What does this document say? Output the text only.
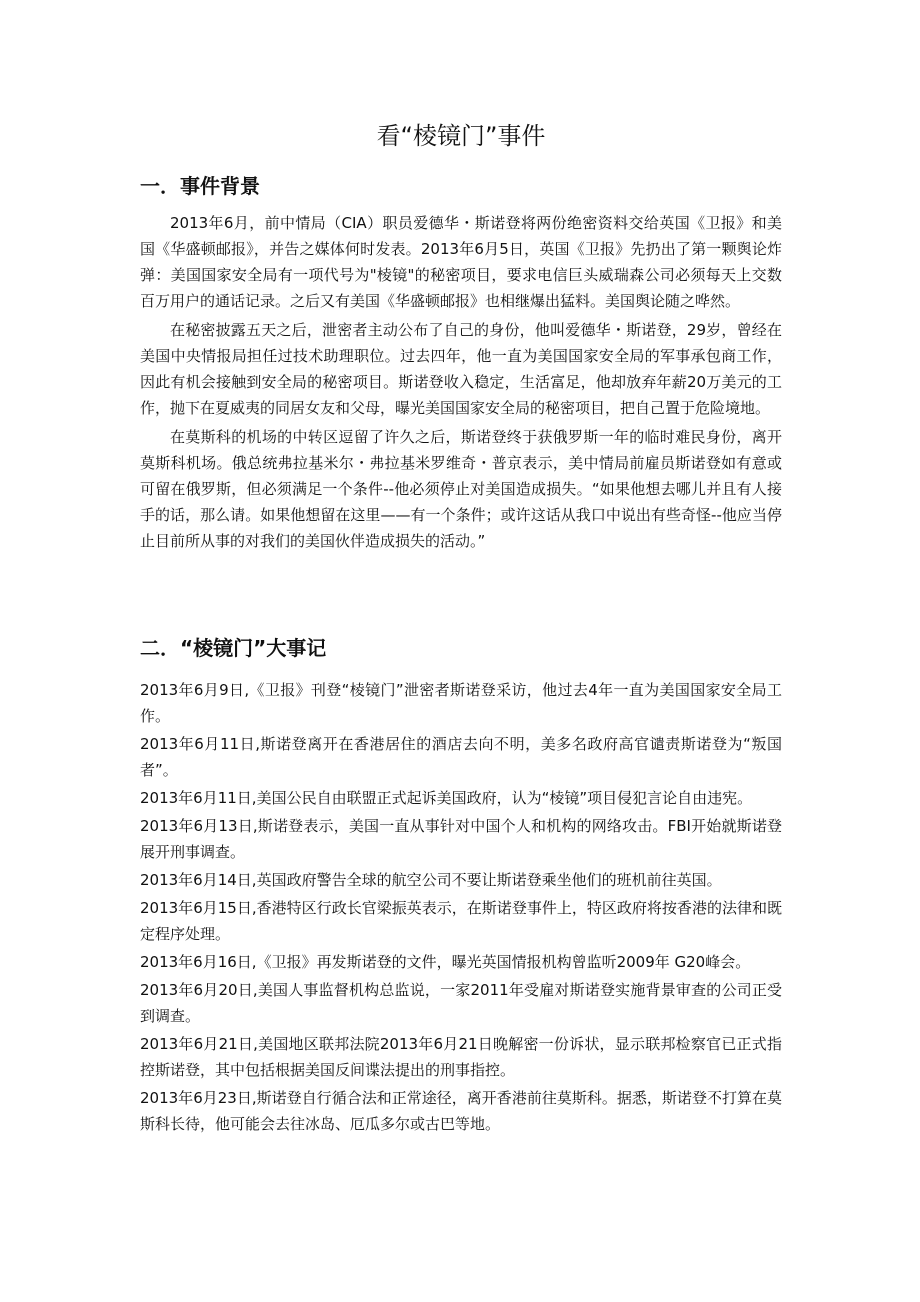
看“棱镜门”事件
一．事件背景

2013年6月，前中情局（CIA）职员爱德华・斯诺登将两份绝密资料交给英国《卫报》和美国《华盛顿邮报》，并告之媒体何时发表。2013年6月5日，英国《卫报》先扔出了第一颗舆论炸弹：美国国家安全局有一项代号为"棱镜"的秘密项目，要求电信巨头威瑞森公司必须每天上交数百万用户的通话记录。之后又有美国《华盛顿邮报》也相继爆出猛料。美国舆论随之哗然。

在秘密披露五天之后，泄密者主动公布了自己的身份，他叫爱德华・斯诺登，29岁，曾经在美国中央情报局担任过技术助理职位。过去四年，他一直为美国国家安全局的军事承包商工作，因此有机会接触到安全局的秘密项目。斯诺登收入稳定，生活富足，他却放弃年薪20万美元的工作，抛下在夏威夷的同居女友和父母，曝光美国国家安全局的秘密项目，把自己置于危险境地。

在莫斯科的机场的中转区逗留了许久之后，斯诺登终于获俄罗斯一年的临时难民身份，离开莫斯科机场。俄总统弗拉基米尔・弗拉基米罗维奇・普京表示，美中情局前雇员斯诺登如有意或可留在俄罗斯，但必须满足一个条件--他必须停止对美国造成损失。“如果他想去哪儿并且有人接手的话，那么请。如果他想留在这里——有一个条件；或许这话从我口中说出有些奇怪--他应当停止目前所从事的对我们的美国伙伴造成损失的活动。”

二．“棱镜门”大事记

2013年6月9日,《卫报》刊登“棱镜门”泄密者斯诺登采访，他过去4年一直为美国国家安全局工作。

2013年6月11日,斯诺登离开在香港居住的酒店去向不明，美多名政府高官谴责斯诺登为“叛国者”。

2013年6月11日,美国公民自由联盟正式起诉美国政府，认为“棱镜”项目侵犯言论自由违宪。

2013年6月13日,斯诺登表示，美国一直从事针对中国个人和机构的网络攻击。FBI开始就斯诺登展开刑事调查。

2013年6月14日,英国政府警告全球的航空公司不要让斯诺登乘坐他们的班机前往英国。

2013年6月15日,香港特区行政长官梁振英表示，在斯诺登事件上，特区政府将按香港的法律和既定程序处理。

2013年6月16日,《卫报》再发斯诺登的文件，曝光英国情报机构曾监听2009年 G20峰会。

2013年6月20日,美国人事监督机构总监说，一家2011年受雇对斯诺登实施背景审查的公司正受到调查。

2013年6月21日,美国地区联邦法院2013年6月21日晚解密一份诉状，显示联邦检察官已正式指控斯诺登，其中包括根据美国反间谍法提出的刑事指控。

2013年6月23日,斯诺登自行循合法和正常途径，离开香港前往莫斯科。据悉，斯诺登不打算在莫斯科长待，他可能会去往冰岛、厄瓜多尔或古巴等地。
